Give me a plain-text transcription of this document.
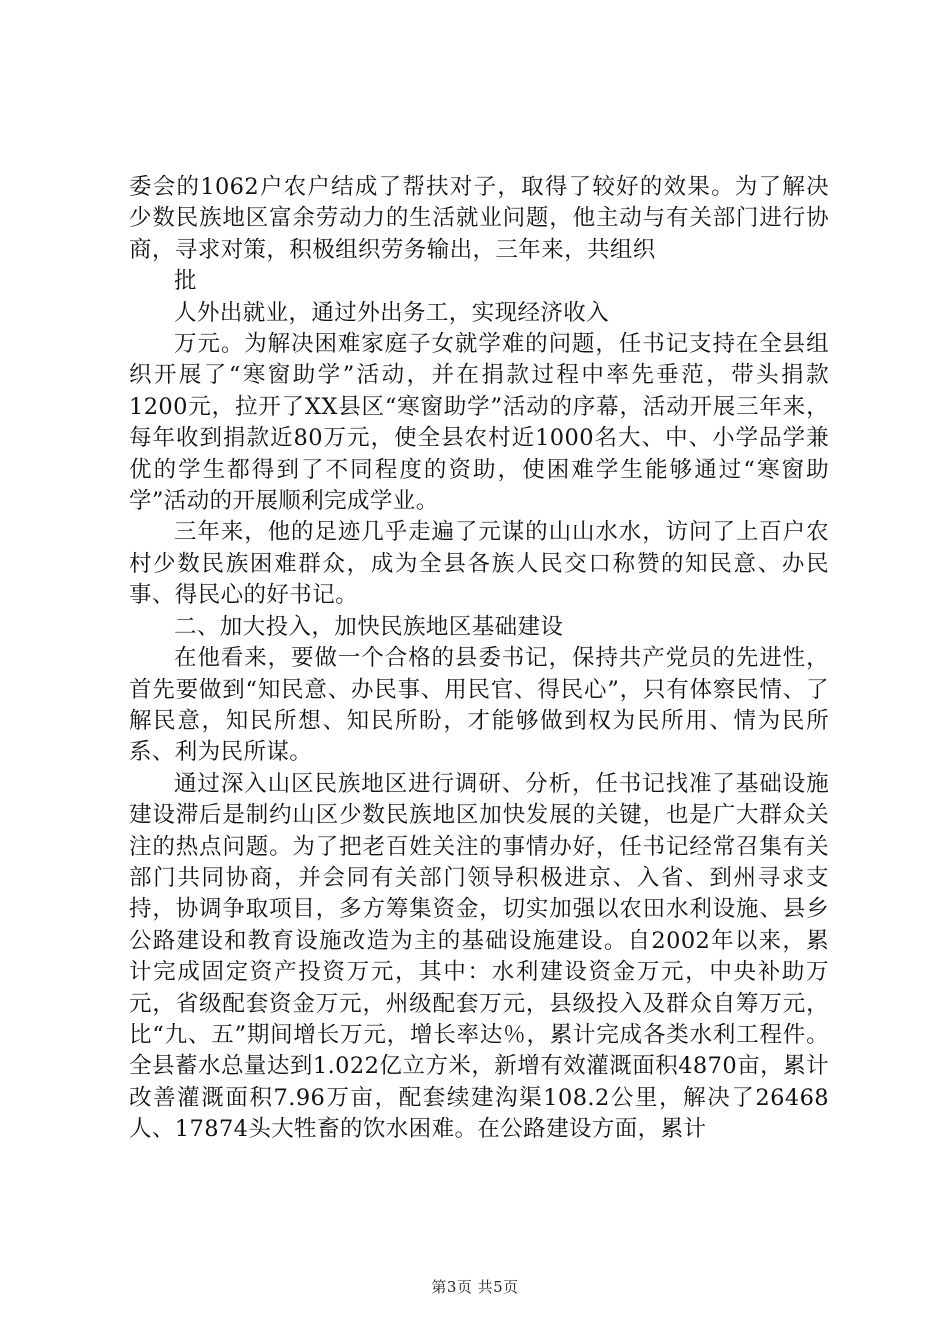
委会的1062户农户结成了帮扶对子，取得了较好的效果。为了解决少数民族地区富余劳动力的生活就业问题，他主动与有关部门进行协商，寻求对策，积极组织劳务输出，三年来，共组织

批

人外出就业，通过外出务工，实现经济收入

万元。为解决困难家庭子女就学难的问题，任书记支持在全县组织开展了“寒窗助学”活动，并在捐款过程中率先垂范，带头捐款1200元，拉开了XX县区“寒窗助学”活动的序幕，活动开展三年来，每年收到捐款近80万元，使全县农村近1000名大、中、小学品学兼优的学生都得到了不同程度的资助，使困难学生能够通过“寒窗助学”活动的开展顺利完成学业。

三年来，他的足迹几乎走遍了元谋的山山水水，访问了上百户农村少数民族困难群众，成为全县各族人民交口称赞的知民意、办民事、得民心的好书记。

二、加大投入，加快民族地区基础建设

在他看来，要做一个合格的县委书记，保持共产党员的先进性，首先要做到“知民意、办民事、用民官、得民心”，只有体察民情、了解民意，知民所想、知民所盼，才能够做到权为民所用、情为民所系、利为民所谋。

通过深入山区民族地区进行调研、分析，任书记找准了基础设施建设滞后是制约山区少数民族地区加快发展的关键，也是广大群众关注的热点问题。为了把老百姓关注的事情办好，任书记经常召集有关部门共同协商，并会同有关部门领导积极进京、入省、到州寻求支持，协调争取项目，多方筹集资金，切实加强以农田水利设施、县乡公路建设和教育设施改造为主的基础设施建设。自2002年以来，累计完成固定资产投资万元，其中：水利建设资金万元，中央补助万元，省级配套资金万元，州级配套万元，县级投入及群众自筹万元，比“九、五”期间增长万元，增长率达％，累计完成各类水利工程件。全县蓄水总量达到1.022亿立方米，新增有效灌溉面积4870亩，累计改善灌溉面积7.96万亩，配套续建沟渠108.2公里，解决了26468人、17874头大牲畜的饮水困难。在公路建设方面，累计

第3页 共5页
